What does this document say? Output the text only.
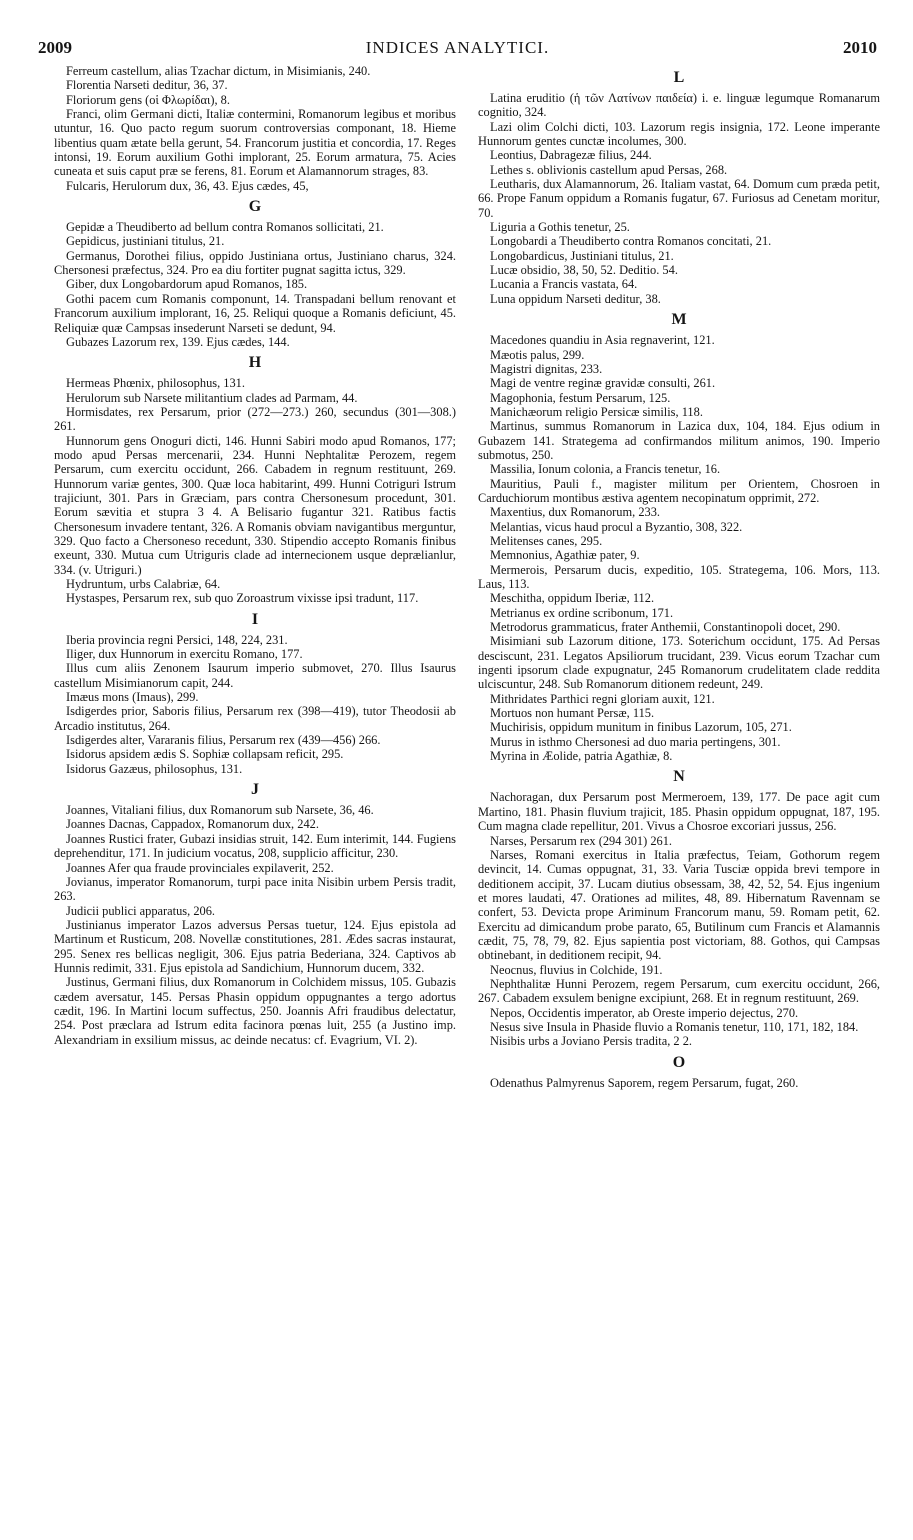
2009	INDICES ANALYTICI.	2010

Ferreum castellum, alias Tzachar dictum, in Misimianis, 240.

Florentia Narseti deditur, 36, 37.

Floriorum gens (οἱ Φλωρίδαι), 8.

Franci, olim Germani dicti, Italiæ contermini, Romanorum legibus et moribus utuntur, 16. Quo pacto regum suorum controversias componant, 18. Hieme libentius quam ætate bella gerunt, 54. Francorum justitia et concordia, 17. Reges intonsi, 19. Eorum auxilium Gothi implorant, 25. Eorum armatura, 75. Acies cuneata et suis caput præ se ferens, 81. Eorum et Alamannorum strages, 83.

Fulcaris, Herulorum dux, 36, 43. Ejus cædes, 45,

G

Gepidæ a Theudiberto ad bellum contra Romanos sollicitati, 21.

Gepidicus, justiniani titulus, 21.

Germanus, Dorothei filius, oppido Justiniana ortus, Justiniano charus, 324. Chersonesi præfectus, 324. Pro ea diu fortiter pugnat sagitta ictus, 329.

Giber, dux Longobardorum apud Romanos, 185.

Gothi pacem cum Romanis componunt, 14. Transpadani bellum renovant et Francorum auxilium implorant, 16, 25. Reliqui quoque a Romanis deficiunt, 45. Reliquiæ quæ Campsas insederunt Narseti se dedunt, 94.

Gubazes Lazorum rex, 139. Ejus cædes, 144.

H

Hermeas Phœnix, philosophus, 131.

Herulorum sub Narsete militantium clades ad Parmam, 44.

Hormisdates, rex Persarum, prior (272—273.) 260, secundus (301—308.) 261.

Hunnorum gens Onoguri dicti, 146. Hunni Sabiri modo apud Romanos, 177; modo apud Persas mercenarii, 234. Hunni Nephtalitæ Perozem, regem Persarum, cum exercitu occidunt, 266. Cabadem in regnum restituunt, 269. Hunnorum variæ gentes, 300. Quæ loca habitarint, 499. Hunni Cotriguri Istrum trajiciunt, 301. Pars in Græciam, pars contra Chersonesum procedunt, 301. Eorum sævitia et stupra 3 4. A Belisario fugantur 321. Ratibus factis Chersonesum invadere tentant, 326. A Romanis obviam navigantibus merguntur, 329. Quo facto a Chersoneso recedunt, 330. Stipendio accepto Romanis finibus exeunt, 330. Mutua cum Utriguris clade ad internecionem usque deprælianlur, 334. (v. Utriguri.)

Hydruntum, urbs Calabriæ, 64.

Hystaspes, Persarum rex, sub quo Zoroastrum vixisse ipsi tradunt, 117.

I

Iberia provincia regni Persici, 148, 224, 231.

Iliger, dux Hunnorum in exercitu Romano, 177.

Illus cum aliis Zenonem Isaurum imperio submovet, 270. Illus Isaurus castellum Misimianorum capit, 244.

Imæus mons (Imaus), 299.

Isdigerdes prior, Saboris filius, Persarum rex (398—419), tutor Theodosii ab Arcadio institutus, 264.

Isdigerdes alter, Vararanis filius, Persarum rex (439—456) 266.

Isidorus apsidem ædis S. Sophiæ collapsam reficit, 295.

Isidorus Gazæus, philosophus, 131.

J

Joannes, Vitaliani filius, dux Romanorum sub Narsete, 36, 46.

Joannes Dacnas, Cappadox, Romanorum dux, 242.

Joannes Rustici frater, Gubazi insidias struit, 142. Eum interimit, 144. Fugiens deprehenditur, 171. In judicium vocatus, 208, supplicio afficitur, 230.

Joannes Afer qua fraude provinciales expilaverit, 252.

Jovianus, imperator Romanorum, turpi pace inita Nisibin urbem Persis tradit, 263.

Judicii publici apparatus, 206.

Justinianus imperator Lazos adversus Persas tuetur, 124. Ejus epistola ad Martinum et Rusticum, 208. Novellæ constitutiones, 281. Ædes sacras instaurat, 295. Senex res bellicas negligit, 306. Ejus patria Bederiana, 324. Captivos ab Hunnis redimit, 331. Ejus epistola ad Sandichium, Hunnorum ducem, 332.

Justinus, Germani filius, dux Romanorum in Colchidem missus, 105. Gubazis cædem aversatur, 145. Persas Phasin oppidum oppugnantes a tergo adortus cædit, 196. In Martini locum suffectus, 250. Joannis Afri fraudibus delectatur, 254. Post præclara ad Istrum edita facinora pœnas luit, 255 (a Justino imp. Alexandriam in exsilium missus, ac deinde necatus: cf. Evagrium, VI. 2).

L

Latina eruditio (ἡ τῶν Λατίνων παιδεία) i. e. linguæ legumque Romanarum cognitio, 324.

Lazi olim Colchi dicti, 103. Lazorum regis insignia, 172. Leone imperante Hunnorum gentes cunctæ incolumes, 300.

Leontius, Dabragezæ filius, 244.

Lethes s. oblivionis castellum apud Persas, 268.

Leutharis, dux Alamannorum, 26. Italiam vastat, 64. Domum cum præda petit, 66. Prope Fanum oppidum a Romanis fugatur, 67. Furiosus ad Cenetam moritur, 70.

Liguria a Gothis tenetur, 25.

Longobardi a Theudiberto contra Romanos concitati, 21.

Longobardicus, Justiniani titulus, 21.

Lucæ obsidio, 38, 50, 52. Deditio. 54.

Lucania a Francis vastata, 64.

Luna oppidum Narseti deditur, 38.

M

Macedones quandiu in Asia regnaverint, 121.

Mæotis palus, 299.

Magistri dignitas, 233.

Magi de ventre reginæ gravidæ consulti, 261.

Magophonia, festum Persarum, 125.

Manichæorum religio Persicæ similis, 118.

Martinus, summus Romanorum in Lazica dux, 104, 184. Ejus odium in Gubazem 141. Strategema ad confirmandos militum animos, 190. Imperio submotus, 250.

Massilia, Ionum colonia, a Francis tenetur, 16.

Mauritius, Pauli f., magister militum per Orientem, Chosroen in Carduchiorum montibus æstiva agentem necopinatum opprimit, 272.

Maxentius, dux Romanorum, 233.

Melantias, vicus haud procul a Byzantio, 308, 322.

Melitenses canes, 295.

Memnonius, Agathiæ pater, 9.

Mermerois, Persarum ducis, expeditio, 105. Strategema, 106. Mors, 113. Laus, 113.

Meschitha, oppidum Iberiæ, 112.

Metrianus ex ordine scribonum, 171.

Metrodorus grammaticus, frater Anthemii, Constantinopoli docet, 290.

Misimiani sub Lazorum ditione, 173. Soterichum occidunt, 175. Ad Persas desciscunt, 231. Legatos Apsiliorum trucidant, 239. Vicus eorum Tzachar cum ingenti ipsorum clade expugnatur, 245 Romanorum crudelitatem clade reddita ulciscuntur, 248. Sub Romanorum ditionem redeunt, 249.

Mithridates Parthici regni gloriam auxit, 121.

Mortuos non humant Persæ, 115.

Muchirisis, oppidum munitum in finibus Lazorum, 105, 271.

Murus in isthmo Chersonesi ad duo maria pertingens, 301.

Myrina in Æolide, patria Agathiæ, 8.

N

Nachoragan, dux Persarum post Mermeroem, 139, 177. De pace agit cum Martino, 181. Phasin fluvium trajicit, 185. Phasin oppidum oppugnat, 187, 195. Cum magna clade repellitur, 201. Vivus a Chosroe excoriari jussus, 256.

Narses, Persarum rex (294 301) 261.

Narses, Romani exercitus in Italia præfectus, Teiam, Gothorum regem devincit, 14. Cumas oppugnat, 31, 33. Varia Tusciæ oppida brevi tempore in deditionem accipit, 37. Lucam diutius obsessam, 38, 42, 52, 54. Ejus ingenium et mores laudati, 47. Orationes ad milites, 48, 89. Hibernatum Ravennam se confert, 53. Devicta prope Ariminum Francorum manu, 59. Romam petit, 62. Exercitu ad dimicandum probe parato, 65, Butilinum cum Francis et Alamannis cædit, 75, 78, 79, 82. Ejus sapientia post victoriam, 88. Gothos, qui Campsas obtinebant, in deditionem recipit, 94.

Neocnus, fluvius in Colchide, 191.

Nephthalitæ Hunni Perozem, regem Persarum, cum exercitu occidunt, 266, 267. Cabadem exsulem benigne excipiunt, 268. Et in regnum restituunt, 269.

Nepos, Occidentis imperator, ab Oreste imperio dejectus, 270.

Nesus sive Insula in Phaside fluvio a Romanis tenetur, 110, 171, 182, 184.

Nisibis urbs a Joviano Persis tradita, 2 2.

O

Odenathus Palmyrenus Saporem, regem Persarum, fugat, 260.
